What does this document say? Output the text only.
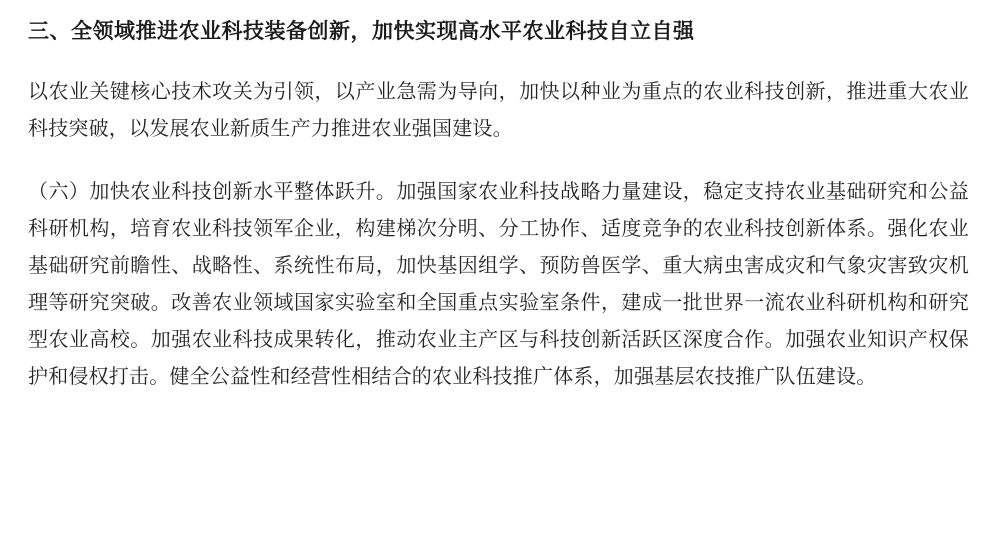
三、全领域推进农业科技装备创新，加快实现高水平农业科技自立自强

以农业关键核心技术攻关为引领，以产业急需为导向，加快以种业为重点的农业科技创新，推进重大农业科技突破，以发展农业新质生产力推进农业强国建设。

（六）加快农业科技创新水平整体跃升。加强国家农业科技战略力量建设，稳定支持农业基础研究和公益科研机构，培育农业科技领军企业，构建梯次分明、分工协作、适度竞争的农业科技创新体系。强化农业基础研究前瞻性、战略性、系统性布局，加快基因组学、预防兽医学、重大病虫害成灾和气象灾害致灾机理等研究突破。改善农业领域国家实验室和全国重点实验室条件，建成一批世界一流农业科研机构和研究型农业高校。加强农业科技成果转化，推动农业主产区与科技创新活跃区深度合作。加强农业知识产权保护和侵权打击。健全公益性和经营性相结合的农业科技推广体系，加强基层农技推广队伍建设。
